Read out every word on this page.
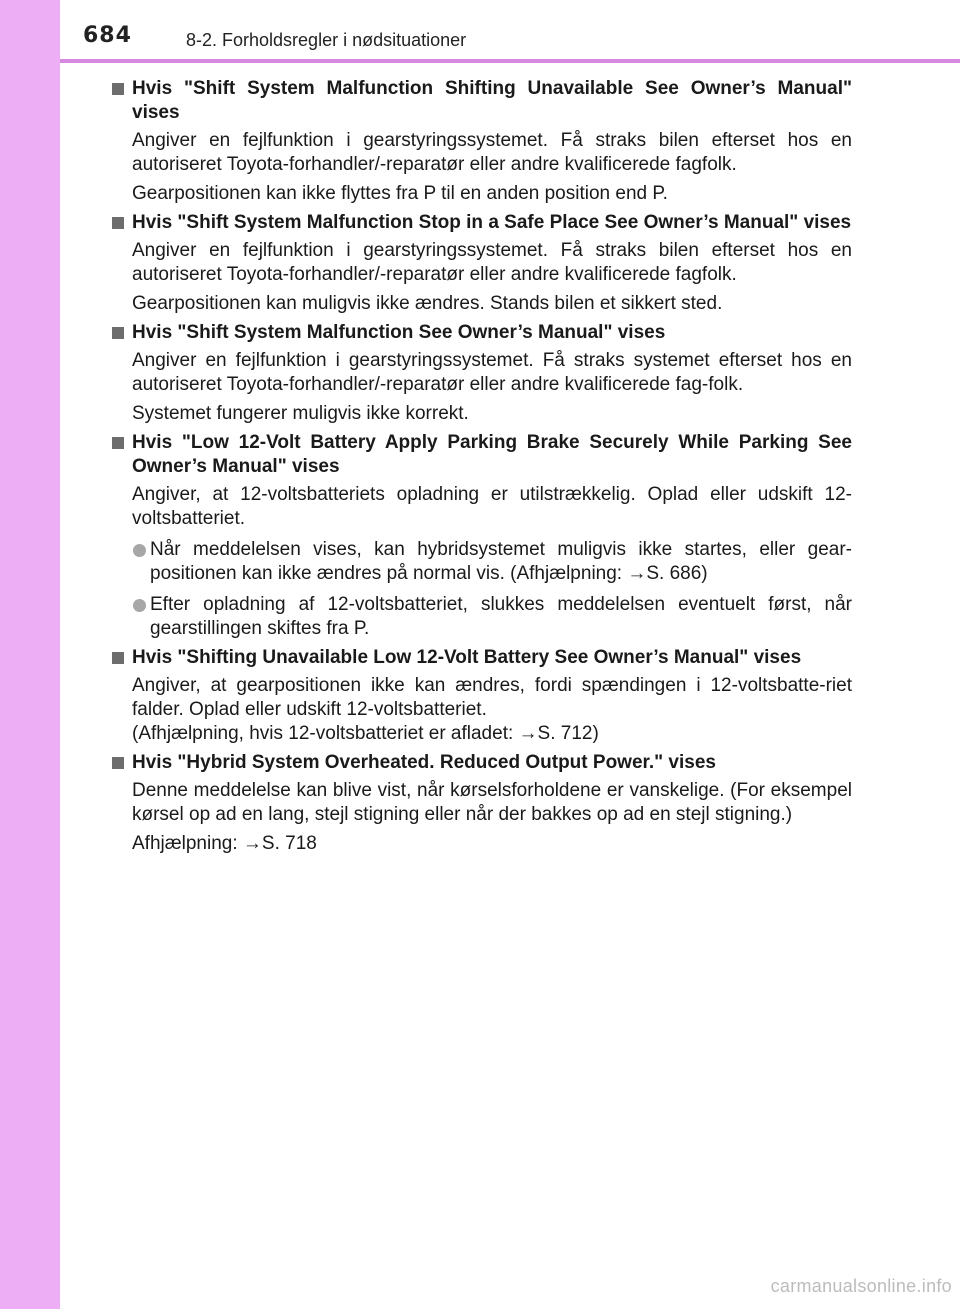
684	8-2. Forholdsregler i nødsituationer
Hvis "Shift System Malfunction Shifting Unavailable See Owner’s Manual" vises
Angiver en fejlfunktion i gearstyringssystemet. Få straks bilen efterset hos en autoriseret Toyota-forhandler/-reparatør eller andre kvalificerede fagfolk.
Gearpositionen kan ikke flyttes fra P til en anden position end P.
Hvis "Shift System Malfunction Stop in a Safe Place See Owner’s Manual" vises
Angiver en fejlfunktion i gearstyringssystemet. Få straks bilen efterset hos en autoriseret Toyota-forhandler/-reparatør eller andre kvalificerede fagfolk.
Gearpositionen kan muligvis ikke ændres. Stands bilen et sikkert sted.
Hvis "Shift System Malfunction See Owner’s Manual" vises
Angiver en fejlfunktion i gearstyringssystemet. Få straks systemet efterset hos en autoriseret Toyota-forhandler/-reparatør eller andre kvalificerede fag-folk.
Systemet fungerer muligvis ikke korrekt.
Hvis "Low 12-Volt Battery Apply Parking Brake Securely While Parking See Owner’s Manual" vises
Angiver, at 12-voltsbatteriets opladning er utilstrækkelig. Oplad eller udskift 12-voltsbatteriet.
Når meddelelsen vises, kan hybridsystemet muligvis ikke startes, eller gear-positionen kan ikke ændres på normal vis. (Afhjælpning: →S. 686)
Efter opladning af 12-voltsbatteriet, slukkes meddelelsen eventuelt først, når gearstillingen skiftes fra P.
Hvis "Shifting Unavailable Low 12-Volt Battery See Owner’s Manual" vises
Angiver, at gearpositionen ikke kan ændres, fordi spændingen i 12-voltsbatte-riet falder. Oplad eller udskift 12-voltsbatteriet.
(Afhjælpning, hvis 12-voltsbatteriet er afladet: →S. 712)
Hvis "Hybrid System Overheated. Reduced Output Power." vises
Denne meddelelse kan blive vist, når kørselsforholdene er vanskelige. (For eksempel kørsel op ad en lang, stejl stigning eller når der bakkes op ad en stejl stigning.)
Afhjælpning: →S. 718
carmanualsonline.info
